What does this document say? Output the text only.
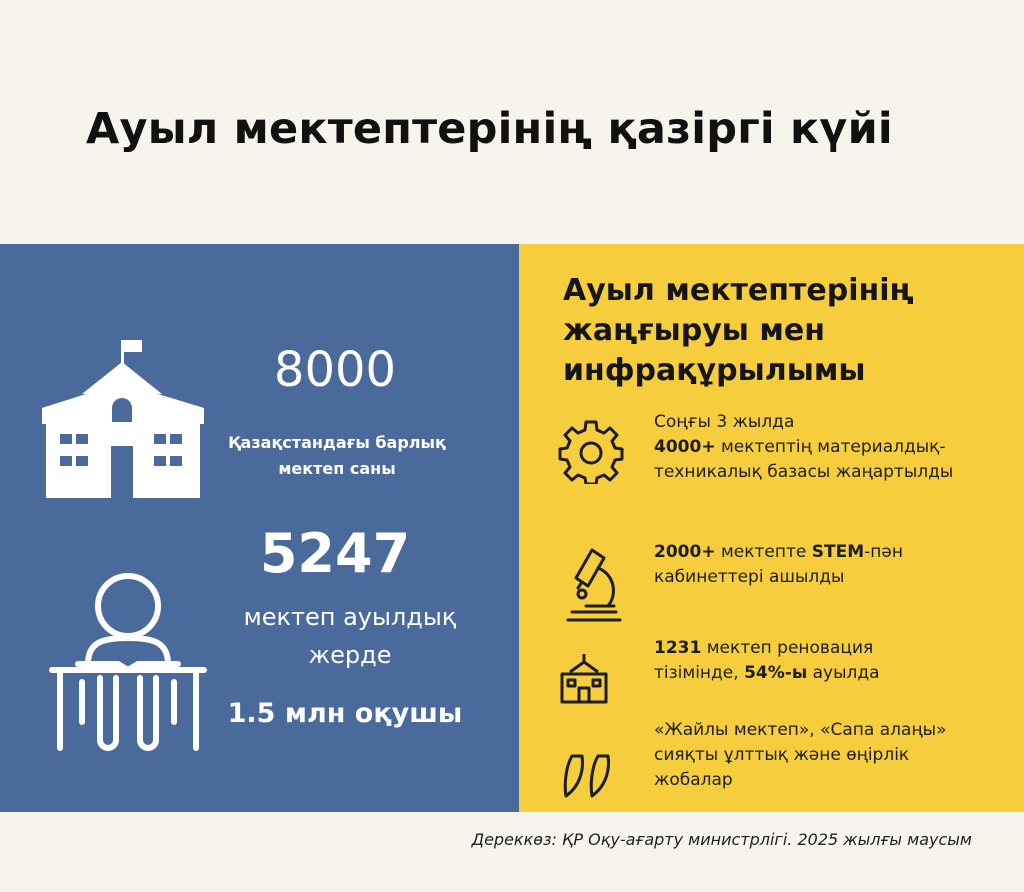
Ауыл мектептерінің қазіргі күйі
8000
Қазақстандағы барлық мектеп саны
5247
мектеп ауылдық жерде
1.5 млн оқушы
Ауыл мектептерінің жаңғыруы мен инфрақұрылымы

Соңғы 3 жылда
4000+ мектептің материалдық-техникалық базасы жаңартылды

2000+ мектепте STEM-пән кабинеттері ашылды

1231 мектеп реновация тізімінде, 54%-ы ауылда

«Жайлы мектеп», «Сапа алаңы» сияқты ұлттық және өңірлік жобалар

Дереккөз: ҚР Оқу-ағарту министрлігі. 2025 жылғы маусым
